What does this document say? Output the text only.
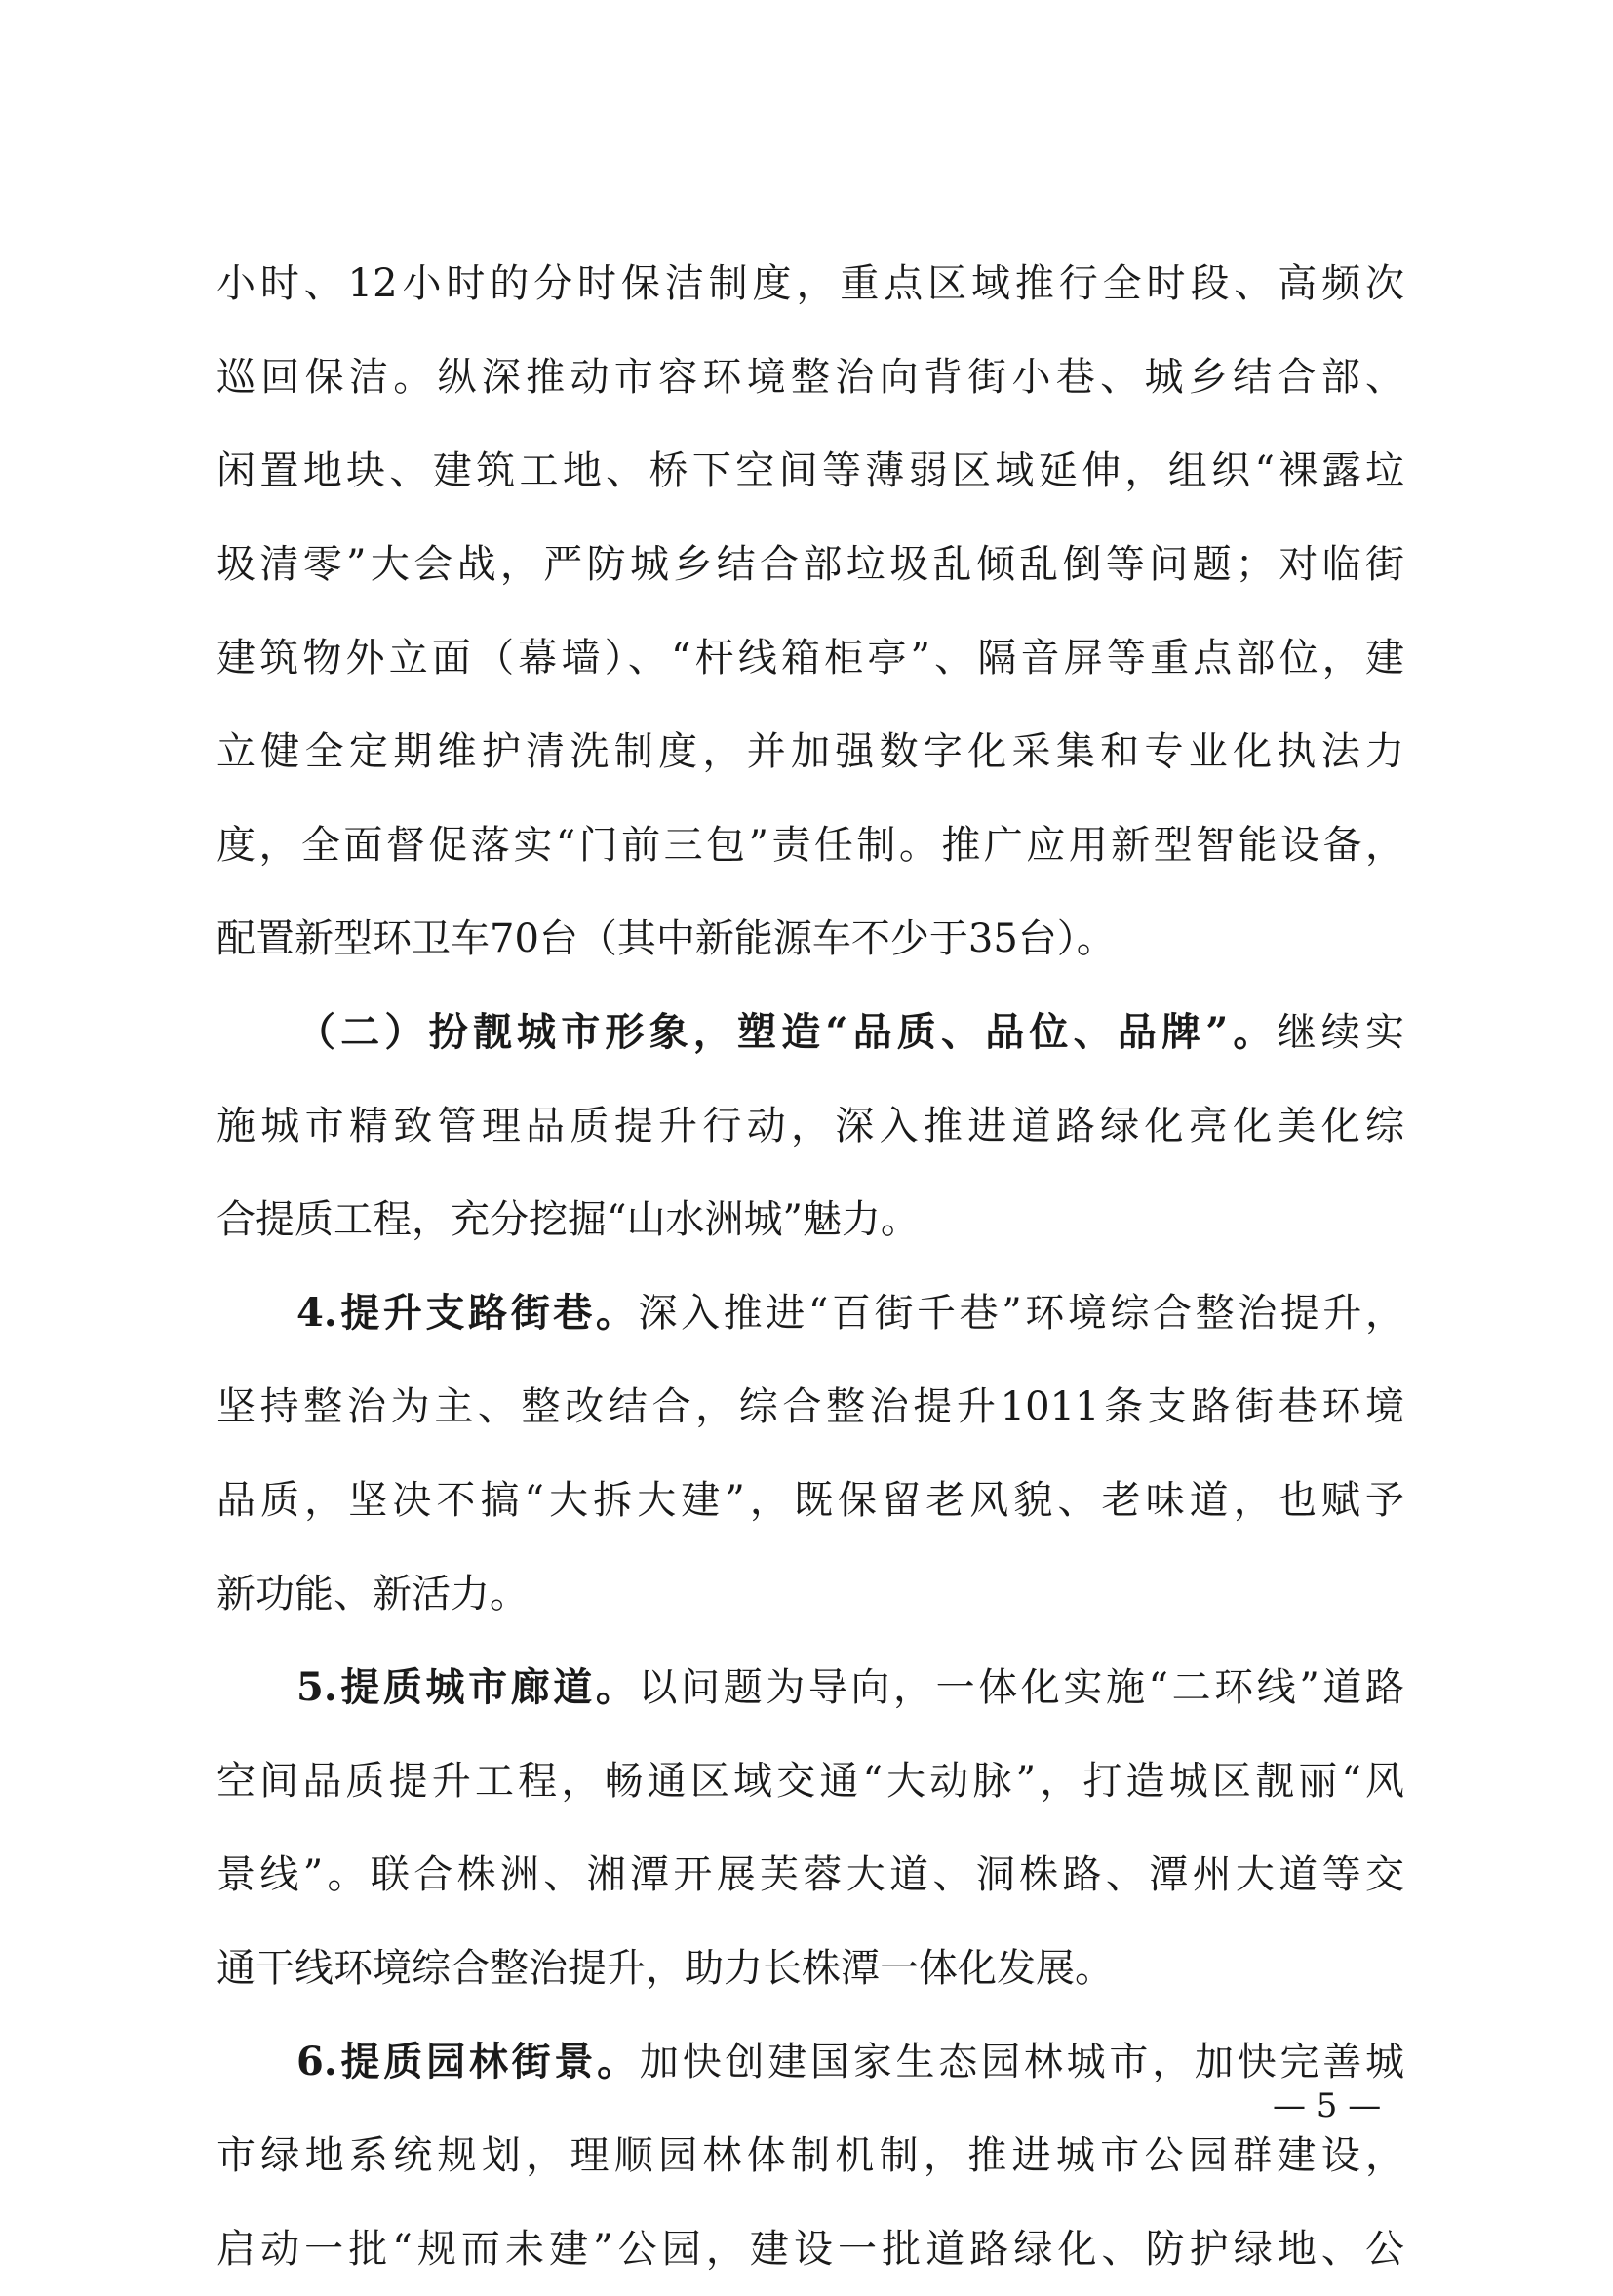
小时、12小时的分时保洁制度，重点区域推行全时段、高频次
巡回保洁。纵深推动市容环境整治向背街小巷、城乡结合部、
闲置地块、建筑工地、桥下空间等薄弱区域延伸，组织“裸露垃
圾清零”大会战，严防城乡结合部垃圾乱倾乱倒等问题；对临街
建筑物外立面（幕墙）、“杆线箱柜亭”、隔音屏等重点部位，建
立健全定期维护清洗制度，并加强数字化采集和专业化执法力
度，全面督促落实“门前三包”责任制。推广应用新型智能设备，
配置新型环卫车70台（其中新能源车不少于35台）。
（二）扮靓城市形象，塑造“品质、品位、品牌”。继续实
施城市精致管理品质提升行动，深入推进道路绿化亮化美化综
合提质工程，充分挖掘“山水洲城”魅力。
4.提升支路街巷。深入推进“百街千巷”环境综合整治提升，
坚持整治为主、整改结合，综合整治提升1011条支路街巷环境
品质，坚决不搞“大拆大建”，既保留老风貌、老味道，也赋予
新功能、新活力。
5.提质城市廊道。以问题为导向，一体化实施“二环线”道路
空间品质提升工程，畅通区域交通“大动脉”，打造城区靓丽“风
景线”。联合株洲、湘潭开展芙蓉大道、洞株路、潭州大道等交
通干线环境综合整治提升，助力长株潭一体化发展。
6.提质园林街景。加快创建国家生态园林城市，加快完善城
市绿地系统规划，理顺园林体制机制，推进城市公园群建设，
启动一批“规而未建”公园，建设一批道路绿化、防护绿地、公
— 5 —
